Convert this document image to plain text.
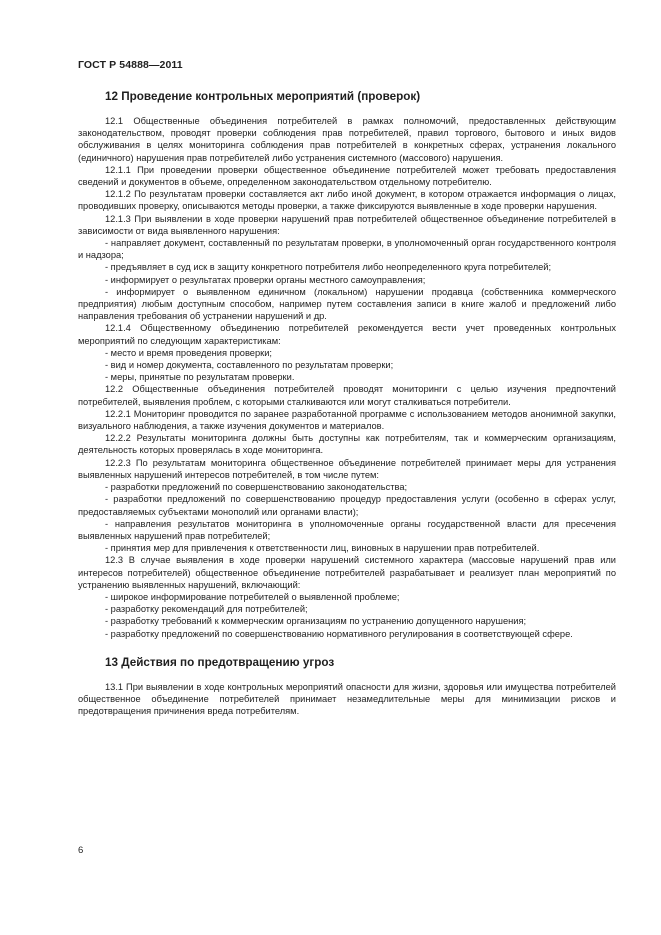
ГОСТ Р 54888—2011
12 Проведение контрольных мероприятий (проверок)

12.1 Общественные объединения потребителей в рамках полномочий, предоставленных действующим законодательством, проводят проверки соблюдения прав потребителей, правил торгового, бытового и иных видов обслуживания в целях мониторинга соблюдения прав потребителей в конкретных сферах, устранения локального (единичного) нарушения прав потребителей либо устранения системного (массового) нарушения.

12.1.1 При проведении проверки общественное объединение потребителей может требовать предоставления сведений и документов в объеме, определенном законодательством отдельному потребителю.

12.1.2 По результатам проверки составляется акт либо иной документ, в котором отражается информация о лицах, проводивших проверку, описываются методы проверки, а также фиксируются выявленные в ходе проверки нарушения.

12.1.3 При выявлении в ходе проверки нарушений прав потребителей общественное объединение потребителей в зависимости от вида выявленного нарушения:

- направляет документ, составленный по результатам проверки, в уполномоченный орган государственного контроля и надзора;

- предъявляет в суд иск в защиту конкретного потребителя либо неопределенного круга потребителей;

- информирует о результатах проверки органы местного самоуправления;

- информирует о выявленном единичном (локальном) нарушении продавца (собственника коммерческого предприятия) любым доступным способом, например путем составления записи в книге жалоб и предложений либо направления требования об устранении нарушений и др.

12.1.4 Общественному объединению потребителей рекомендуется вести учет проведенных контрольных мероприятий по следующим характеристикам:

- место и время проведения проверки;

- вид и номер документа, составленного по результатам проверки;

- меры, принятые по результатам проверки.

12.2 Общественные объединения потребителей проводят мониторинги с целью изучения предпочтений потребителей, выявления проблем, с которыми сталкиваются или могут сталкиваться потребители.

12.2.1 Мониторинг проводится по заранее разработанной программе с использованием методов анонимной закупки, визуального наблюдения, а также изучения документов и материалов.

12.2.2 Результаты мониторинга должны быть доступны как потребителям, так и коммерческим организациям, деятельность которых проверялась в ходе мониторинга.

12.2.3 По результатам мониторинга общественное объединение потребителей принимает меры для устранения выявленных нарушений интересов потребителей, в том числе путем:

- разработки предложений по совершенствованию законодательства;

- разработки предложений по совершенствованию процедур предоставления услуги (особенно в сферах услуг, предоставляемых субъектами монополий или органами власти);

- направления результатов мониторинга в уполномоченные органы государственной власти для пресечения выявленных нарушений прав потребителей;

- принятия мер для привлечения к ответственности лиц, виновных в нарушении прав потребителей.

12.3 В случае выявления в ходе проверки нарушений системного характера (массовые нарушений прав или интересов потребителей) общественное объединение потребителей разрабатывает и реализует план мероприятий по устранению выявленных нарушений, включающий:

- широкое информирование потребителей о выявленной проблеме;

- разработку рекомендаций для потребителей;

- разработку требований к коммерческим организациям по устранению допущенного нарушения;

- разработку предложений по совершенствованию нормативного регулирования в соответствующей сфере.

13 Действия по предотвращению угроз

13.1 При выявлении в ходе контрольных мероприятий опасности для жизни, здоровья или имущества потребителей общественное объединение потребителей принимает незамедлительные меры для минимизации рисков и предотвращения причинения вреда потребителям.

6
